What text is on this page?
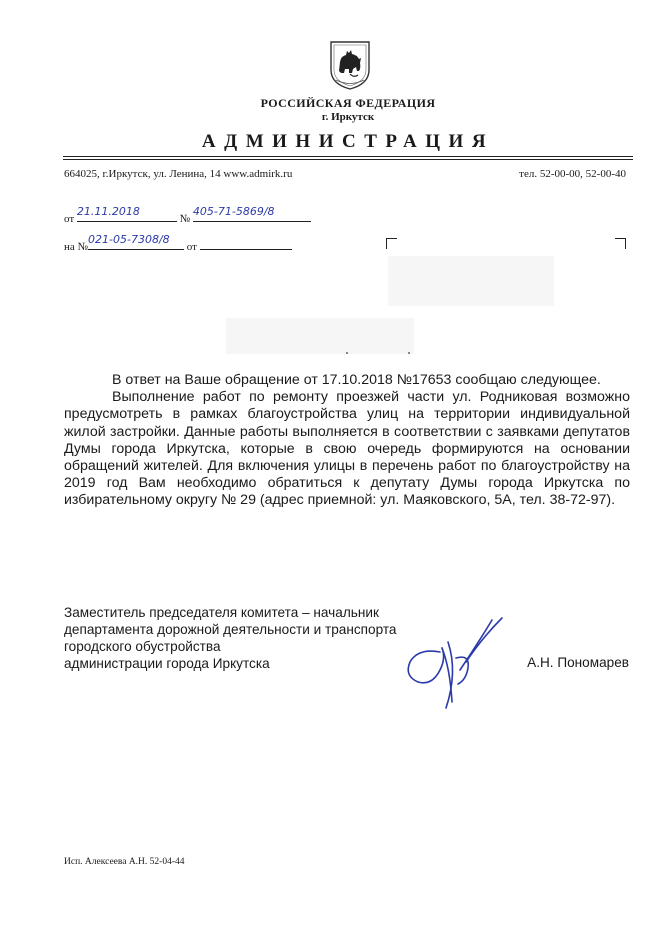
РОССИЙСКАЯ ФЕДЕРАЦИЯ
г. Иркутск
АДМИНИСТРАЦИЯ
664025, г.Иркутск, ул. Ленина, 14 www.admirk.ru	тел. 52-00-00, 52-00-40
от
21.11.2018
№
405-71-5869/8
на №
021-05-7308/8
от

В ответ на Ваше обращение от 17.10.2018 №17653 сообщаю следующее.

Выполнение работ по ремонту проезжей части ул. Родниковая возможно предусмотреть в рамках благоустройства улиц на территории индивидуальной жилой застройки. Данные работы выполняется в соответствии с заявками депутатов Думы города Иркутска, которые в свою очередь формируются на основании обращений жителей. Для включения улицы в перечень работ по благоустройству на 2019 год Вам необходимо обратиться к депутату Думы города Иркутска по избирательному округу № 29 (адрес приемной: ул. Маяковского, 5А, тел. 38-72-97).

Заместитель председателя комитета – начальник
департамента дорожной деятельности и транспорта
городского обустройства
администрации города Иркутска	А.Н. Пономарев
Исп. Алексеева А.Н. 52-04-44
